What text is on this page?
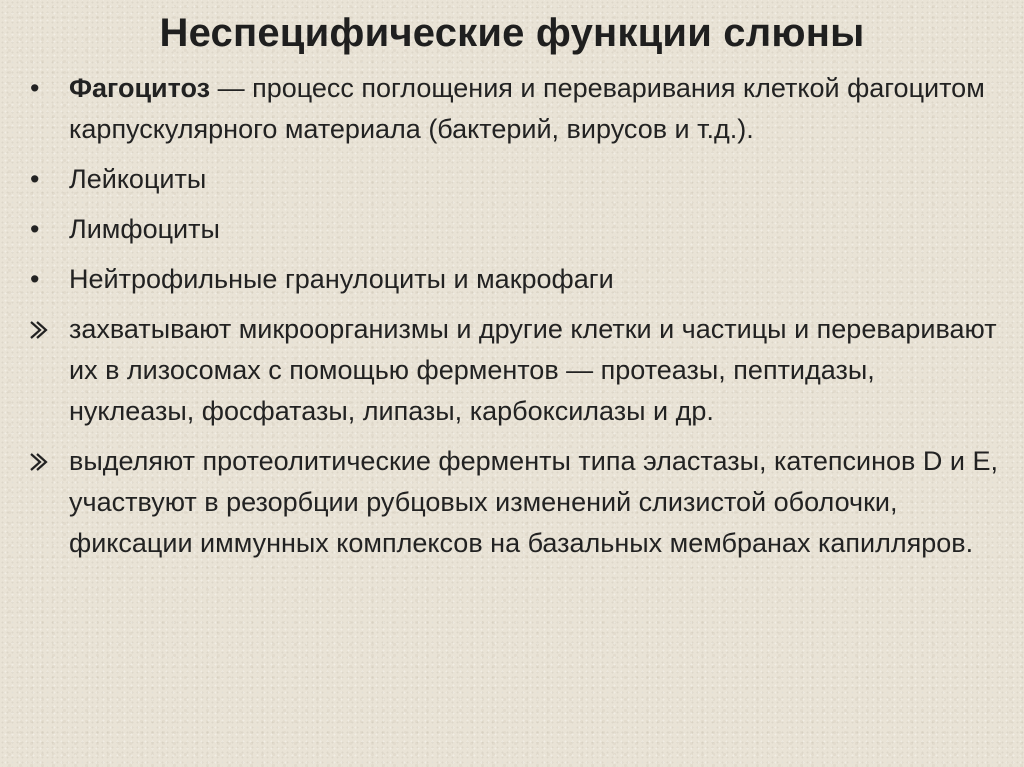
Неспецифические функции слюны
•	Фагоцитоз — процесс поглощения и переваривания клеткой фагоцитом карпускулярного материала (бактерий, вирусов и т.д.).
•	Лейкоциты
•	Лимфоциты
•	Нейтрофильные гранулоциты и макрофаги
захватывают микроорганизмы и другие клетки и частицы и переваривают их в лизосомах с помощью ферментов — протеазы, пептидазы, нуклеазы, фосфатазы, липазы, карбоксилазы и др.
выделяют протеолитические ферменты типа эластазы, катепсинов D и E, участвуют в резорбции рубцовых изменений слизистой оболочки, фиксации иммунных комплексов на базальных мембранах капилляров.
